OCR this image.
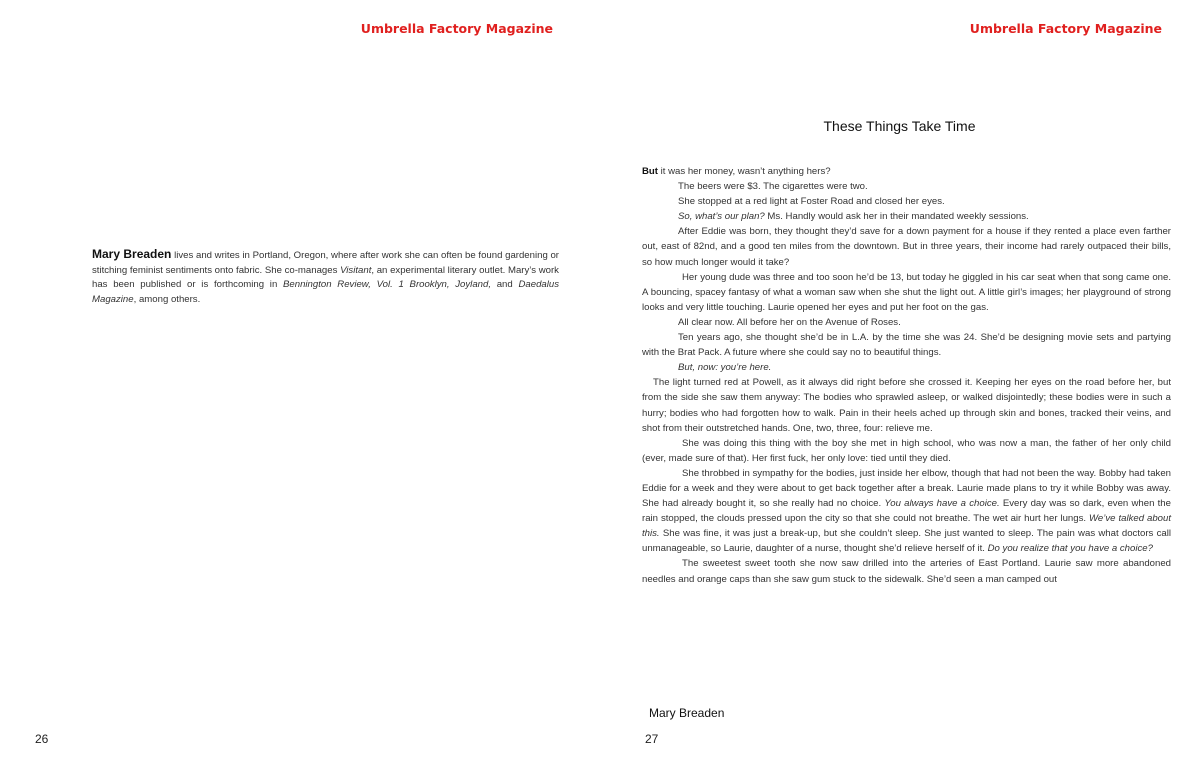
Umbrella Factory Magazine
Mary Breaden lives and writes in Portland, Oregon, where after work she can often be found gardening or stitching feminist sentiments onto fabric. She co-manages Visitant, an experimental literary outlet. Mary’s work has been published or is forthcoming in Bennington Review, Vol. 1 Brooklyn, Joyland, and Daedalus Magazine, among others.
26
Umbrella Factory Magazine
These Things Take Time

But it was her money, wasn’t anything hers?

The beers were $3. The cigarettes were two.

She stopped at a red light at Foster Road and closed her eyes.

So, what’s our plan? Ms. Handly would ask her in their mandated weekly sessions.

After Eddie was born, they thought they’d save for a down payment for a house if they rented a place even farther out, east of 82nd, and a good ten miles from the downtown. But in three years, their income had rarely outpaced their bills, so how much longer would it take?

Her young dude was three and too soon he’d be 13, but today he giggled in his car seat when that song came one. A bouncing, spacey fantasy of what a woman saw when she shut the light out. A little girl’s images; her playground of strong looks and very little touching. Laurie opened her eyes and put her foot on the gas.

All clear now. All before her on the Avenue of Roses.

Ten years ago, she thought she’d be in L.A. by the time she was 24. She’d be designing movie sets and partying with the Brat Pack. A future where she could say no to beautiful things.

But, now: you’re here.

The light turned red at Powell, as it always did right before she crossed it. Keeping her eyes on the road before her, but from the side she saw them anyway: The bodies who sprawled asleep, or walked disjointedly; these bodies were in such a hurry; bodies who had forgotten how to walk. Pain in their heels ached up through skin and bones, tracked their veins, and shot from their outstretched hands. One, two, three, four: relieve me.

She was doing this thing with the boy she met in high school, who was now a man, the father of her only child (ever, made sure of that). Her first fuck, her only love: tied until they died.

She throbbed in sympathy for the bodies, just inside her elbow, though that had not been the way. Bobby had taken Eddie for a week and they were about to get back together after a break. Laurie made plans to try it while Bobby was away. She had already bought it, so she really had no choice. You always have a choice. Every day was so dark, even when the rain stopped, the clouds pressed upon the city so that she could not breathe. The wet air hurt her lungs. We’ve talked about this. She was fine, it was just a break-up, but she couldn’t sleep. She just wanted to sleep. The pain was what doctors call unmanageable, so Laurie, daughter of a nurse, thought she’d relieve herself of it. Do you realize that you have a choice?

The sweetest sweet tooth she now saw drilled into the arteries of East Portland. Laurie saw more abandoned needles and orange caps than she saw gum stuck to the sidewalk. She’d seen a man camped out

Mary Breaden
27
